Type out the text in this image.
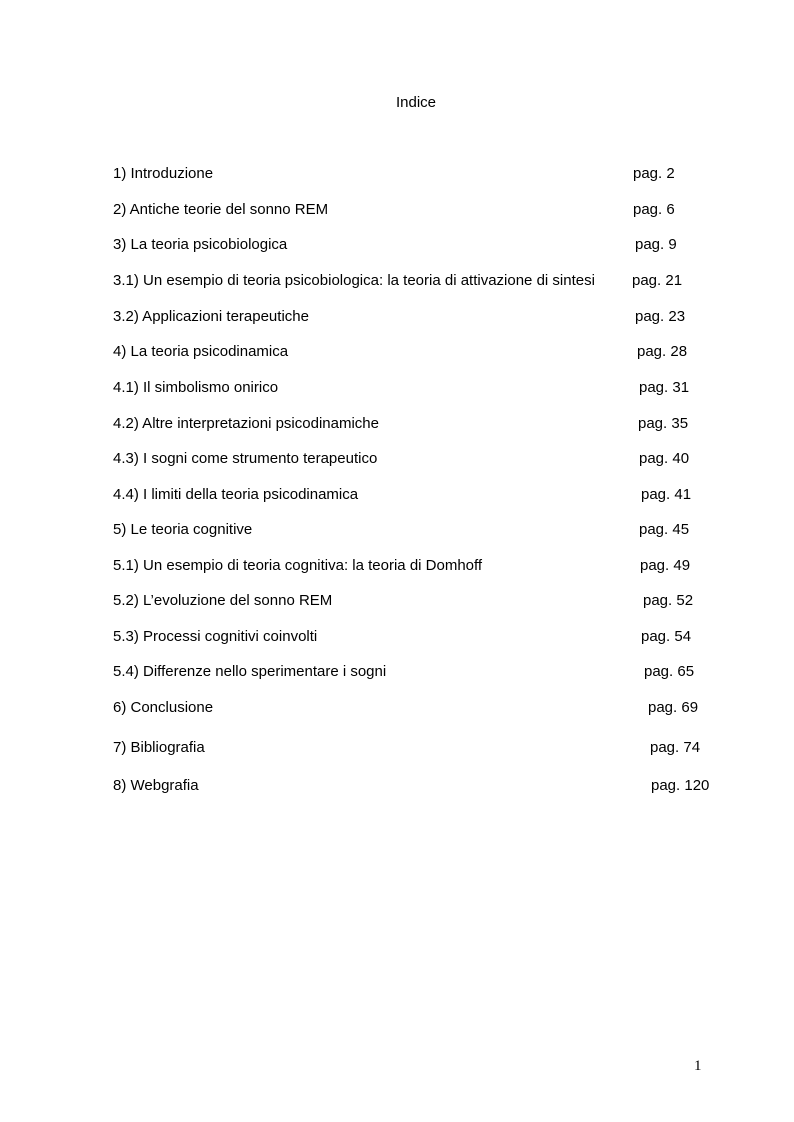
Indice
1) Introduzione	pag. 2
2) Antiche teorie del sonno REM	pag. 6
3) La teoria psicobiologica	pag. 9
3.1) Un esempio di teoria psicobiologica: la teoria di attivazione di sintesi pag. 21
3.2) Applicazioni terapeutiche	pag. 23
4) La teoria psicodinamica	pag. 28
4.1) Il simbolismo onirico	pag. 31
4.2) Altre interpretazioni psicodinamiche	pag. 35
4.3) I sogni come strumento terapeutico	pag. 40
4.4) I limiti della teoria psicodinamica	pag. 41
5) Le teoria cognitive	pag. 45
5.1) Un esempio di teoria cognitiva: la teoria di Domhoff	pag. 49
5.2) L’evoluzione del sonno REM	pag. 52
5.3) Processi cognitivi coinvolti	pag. 54
5.4) Differenze nello sperimentare i sogni	pag. 65
6) Conclusione	pag. 69
7) Bibliografia	pag. 74
8) Webgrafia	pag. 120
1
